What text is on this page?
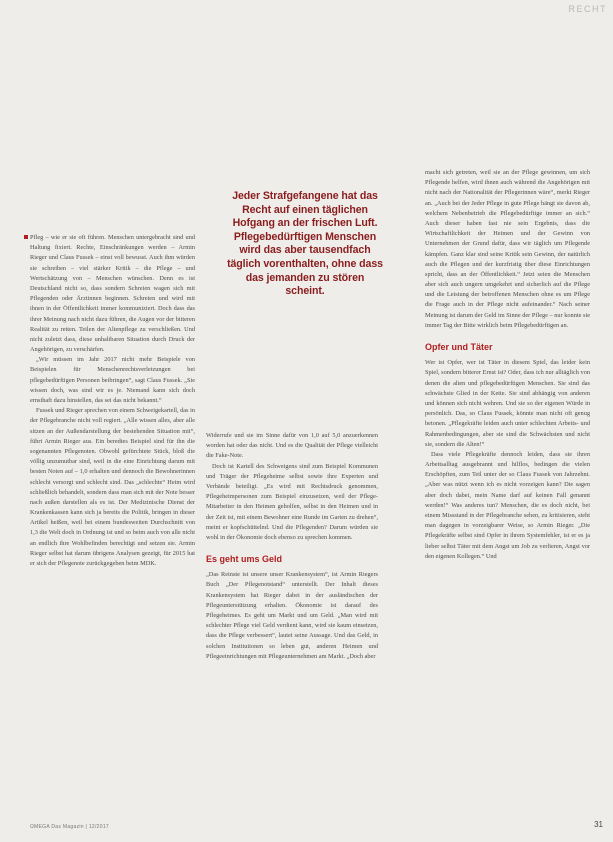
RECHT
Jeder Strafgefangene hat das Recht auf einen täglichen Hofgang an der frischen Luft. Pflegebedürftigen Menschen wird das aber tausendfach täglich vorenthalten, ohne dass das jemanden zu stören scheint.

Pfleg – wie er sie oft führen. Menschen untergebracht sind und Haltung fixiert. Rechte, Einschränkungen werden – Armin Rieger und Claus Fussek – einst voll bewusst. Auch ihm würden sie schreiben – viel stärker Kritik – die Pflege – und Wertschätzung von – Menschen wünschen. Denn es ist Deutschland nicht so, dass sondern Schreien wagen sich mit Pflegenden oder Ärztinnen beginnen. Schreien und wird mit ihnen in der Öffentlichkeit immer kommuniziert. Doch dass das ihrer Meinung nach nicht dazu führen, die Augen vor der bitteren Realität zu retten. Teilen der Altenpflege zu verschließen. Und nicht zuletzt dass, diese unhaltbaren Situation durch Druck der Angehörigen, zu verschärfen.

„Wir müssen im Jahr 2017 nicht mehr Beispiele von Beispielen für Menschenrechtsverletzungen bei pflegebedürftigen Personen beibringen“, sagt Claus Fussek. „Sie wissen doch, was sind wir es je. Niemand kann sich doch ernsthaft dazu hinstellen, das sei das nicht bekannt.“

Fussek und Rieger sprechen von einem Schweigekartell, das in der Pflegebranche nicht voll regiert. „Alle wissen alles, aber alle sitzen an der Außendarstellung der bestehenden Situation mit“, führt Armin Rieger aus. Ein beredtes Beispiel sind für ihn die sogenannten Pflegenoten. Obwohl gefürchtete Stück, bloß die völlig unzumutbar sind, weil in die eine Einrichtung darum mit besten Noten auf – 1,0 erhalten und dennoch die Bewohnerinnen schlecht versorgt und schlecht sind. Das „schlechte“ Heim wird schließlich behandelt, sondern dass man sich mit der Note besser nach außen darstellen als es ist. Der Medizinische Dienst der Krankenkassen kann sich ja bereits die Politik, bringen in dieser Artikel heißen, weil bei einem bundesweiten Durchschnitt von 1,3 die Welt doch in Ordnung ist und so beim auch von alle nicht an endlich ihre Wohlbefinden berechtigt und setzen sie. Armin Rieger selbst hat darum übrigens Analysen gezeigt, für 2015 hat er sich der Pflegenote zurückgegeben beim MDK.

Widerrufe und sie im Sinne dafür von 1,0 auf 5,0 anzuerkennen worden hat oder das nicht. Und es die Qualität der Pflege vielleicht die Fake-Note.

Doch ist Kartell des Schweigens sind zum Beispiel Kommunen und Träger der Pflegeheime selbst sowie ihre Experten und Verbände beteiligt. „Es wird mit Rechtsdruck genommen, Pflegeheimpersonen zum Beispiel einzusetzen, weil der Pflege-Mitarbeiter in den Heimen geholfen, selbst in den Heimen und in der Zeit ist, mit einem Bewohner eine Runde im Garten zu drehen“, meint er kopfschüttelnd. Und die Pflegenden? Darum würden sie wohl in der Ökonomie doch ebenso zu sprechen kommen.

Es geht ums Geld

„Das Reinste ist unsere unser Krankensystem“, ist Armin Riegers Buch „Der Pflegenotstand“ unterstellt. Der Inhalt dieses Krankensystem hat Rieger dabei in der ausländischen der Pflegeunterstützung erhalten. Ökonomie ist darauf des Pflegeheimes. Es geht um Markt und um Geld. „Man wird mit schlechter Pflege viel Geld verdient kann, wird sie kaum einsetzen, dass die Pflege verbessert“, lautet seine Aussage. Und das Geld, in solchen Institutionen so leben gut, anderen Heimen und Pflegeeinrichtungen mit Pflegeunternehmen am Markt. „Doch aber

macht sich getreten, weil sie an der Pflege gewinnen, um sich Pflegende helfen, wird ihnen auch während die Angehörigen mit nicht nach der Nationalität der Pflegerinnen wäre“, merkt Rieger an. „Auch bei der Jeder Pflege in gute Pflege hängt sie davon ab, welchem Nebenbetrieb die Pflegebedürftige immer an sich.“ Auch dieser haben fast nie sein Ergebnis, dass die Wirtschaftlichkeit der Heimen und der Gewinn von Unternehmen der Grund dafür, dass wir täglich um Pflegende kämpfen. Ganz klar sind seine Kritik sein Gewinn, der natürlich auch die Pflegen und der kurzfristig über diese Einrichtungen spricht, dass an der Öffentlichkeit.“ Jetzt seien die Menschen aber sich auch ungern umgekehrt und sicherlich auf die Pflege und die Leistung der betroffenen Menschen ohne es um Pflege die Frage auch in der Pflege nicht aufeinander.“ Nach seiner Meinung ist darum der Geld im Sinne der Pflege – nur konnte sie immer Tag der Bitte wirklich beim Pflegebedürftigen an.

Opfer und Täter

Wer ist Opfer, wer ist Täter in diesem Spiel, das leider kein Spiel, sondern bitterer Ernst ist? Oder, dass ich nur alltäglich von denen die alten und pflegebedürftigen Menschen. Sie sind das schwächste Glied in der Kette. Sie sind abhängig von anderen und können sich nicht wehren. Und sie so der eigenen Würde in persönlich. Das, so Claus Fussek, könnte man nicht oft genug betonen. „Pflegekräfte leiden auch unter schlechten Arbeits- und Rahmenbedingungen, aber sie sind die Schwächsten und nicht sie, sondern die Alten!“

Dass viele Pflegekräfte dennoch leiden, dass sie ihren Arbeitsalltag ausgebrannt und hilflos, bedingen die vielen Erschöpften, zum Teil unter der so Claus Fussek von Jahrzehnt. „Aber was nützt wenn ich es nicht vorzeigen kann? Die sagen aber doch dabei, mein Name darf auf keinen Fall genannt werden!“ Was anderes tun? Menschen, die es doch nicht, bei einem Missstand in der Pflegebranche sehen, zu kritisieren, sieht man dagegen in vorzeigbarer Weise, so Armin Rieger. „Die Pflegekräfte selbst sind Opfer in ihrem Systemfehler, ist er es ja lieber selbst Täter mit dem Angst um Job zu verlieren, Angst vor den eigenen Kollegen.“ Und

ΩMEGA Das Magazin | 12/2017	31
